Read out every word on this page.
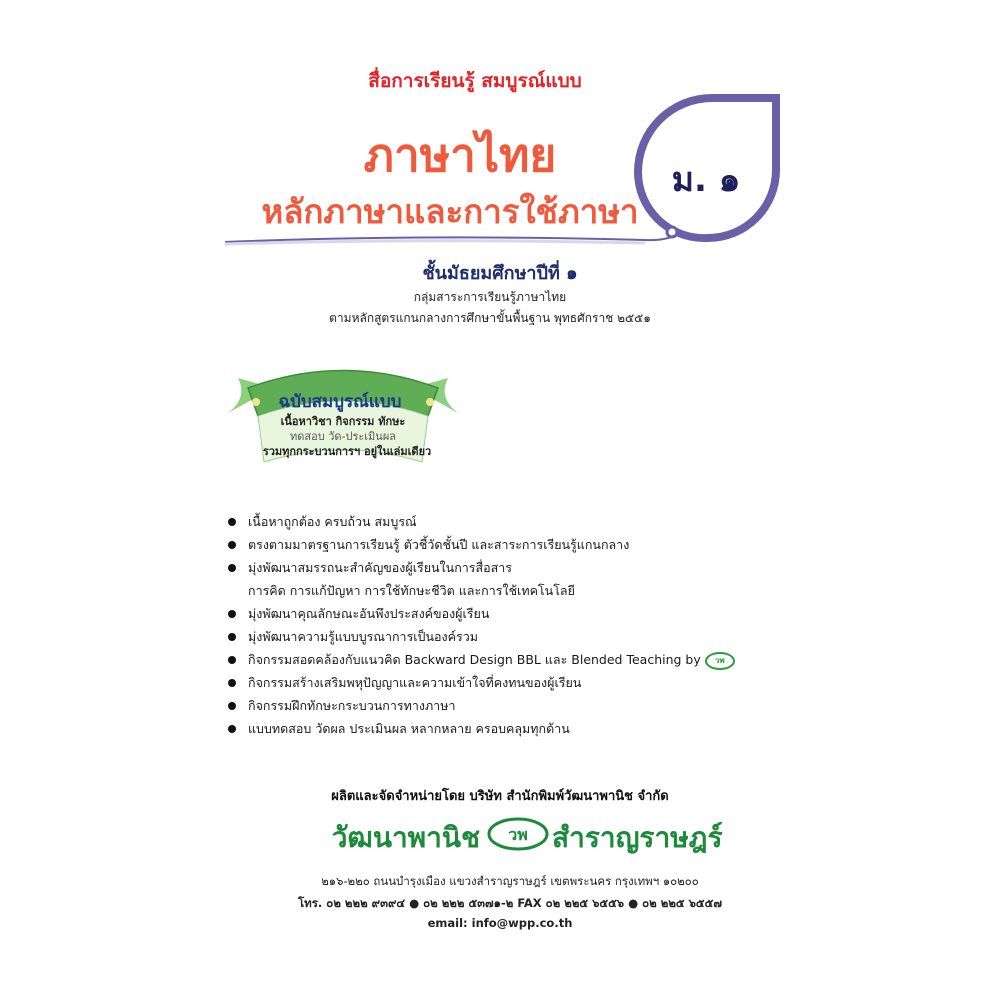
สื่อการเรียนรู้ สมบูรณ์แบบ
ม. ๑
ภาษาไทย
หลักภาษาและการใช้ภาษา
ชั้นมัธยมศึกษาปีที่ ๑
กลุ่มสาระการเรียนรู้ภาษาไทย
ตามหลักสูตรแกนกลางการศึกษาขั้นพื้นฐาน พุทธศักราช ๒๕๕๑
ฉบับสมบูรณ์แบบ
เนื้อหาวิชา กิจกรรม ทักษะ
ทดสอบ วัด-ประเมินผล
รวมทุกกระบวนการฯ อยู่ในเล่มเดียว
เนื้อหาถูกต้อง ครบถ้วน สมบูรณ์
ตรงตามมาตรฐานการเรียนรู้ ตัวชี้วัดชั้นปี และสาระการเรียนรู้แกนกลาง
มุ่งพัฒนาสมรรถนะสำคัญของผู้เรียนในการสื่อสาร
การคิด การแก้ปัญหา การใช้ทักษะชีวิต และการใช้เทคโนโลยี
มุ่งพัฒนาคุณลักษณะอันพึงประสงค์ของผู้เรียน
มุ่งพัฒนาความรู้แบบบูรณาการเป็นองค์รวม
กิจกรรมสอดคล้องกับแนวคิด Backward Design BBL และ Blended Teaching by วพ
กิจกรรมสร้างเสริมพหุปัญญาและความเข้าใจที่คงทนของผู้เรียน
กิจกรรมฝึกทักษะกระบวนการทางภาษา
แบบทดสอบ วัดผล ประเมินผล หลากหลาย ครอบคลุมทุกด้าน
ผลิตและจัดจำหน่ายโดย บริษัท สำนักพิมพ์วัฒนาพานิช จำกัด
วัฒนาพานิช วพ สำราญราษฎร์
๒๑๖-๒๒๐ ถนนบำรุงเมือง แขวงสำราญราษฎร์ เขตพระนคร กรุงเทพฯ ๑๐๒๐๐
โทร. ๐๒ ๒๒๒ ๙๓๙๔ ● ๐๒ ๒๒๒ ๕๓๗๑-๒ FAX ๐๒ ๒๒๕ ๖๕๕๖ ● ๐๒ ๒๒๕ ๖๕๕๗
email: info@wpp.co.th
